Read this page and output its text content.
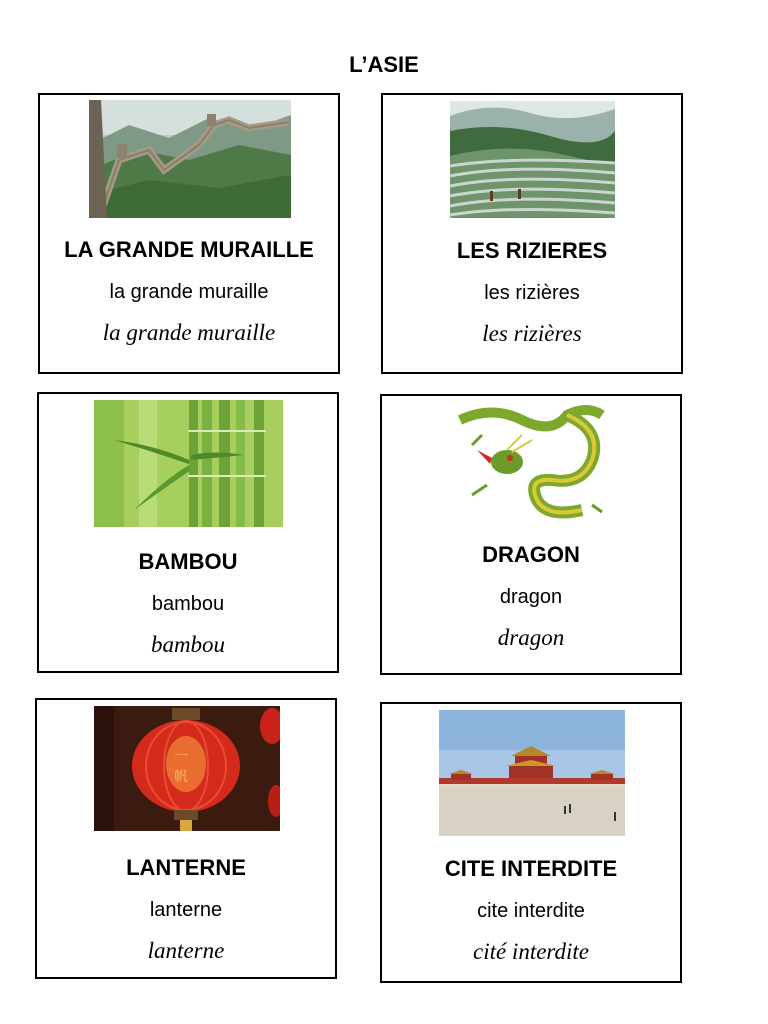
L’ASIE
LA GRANDE MURAILLE
la grande muraille
la grande muraille
LES RIZIERES
les rizières
les rizières
BAMBOU
bambou
bambou
DRAGON
dragon
dragon
一
帆
LANTERNE
lanterne
lanterne
CITE INTERDITE
cite interdite
cité interdite
